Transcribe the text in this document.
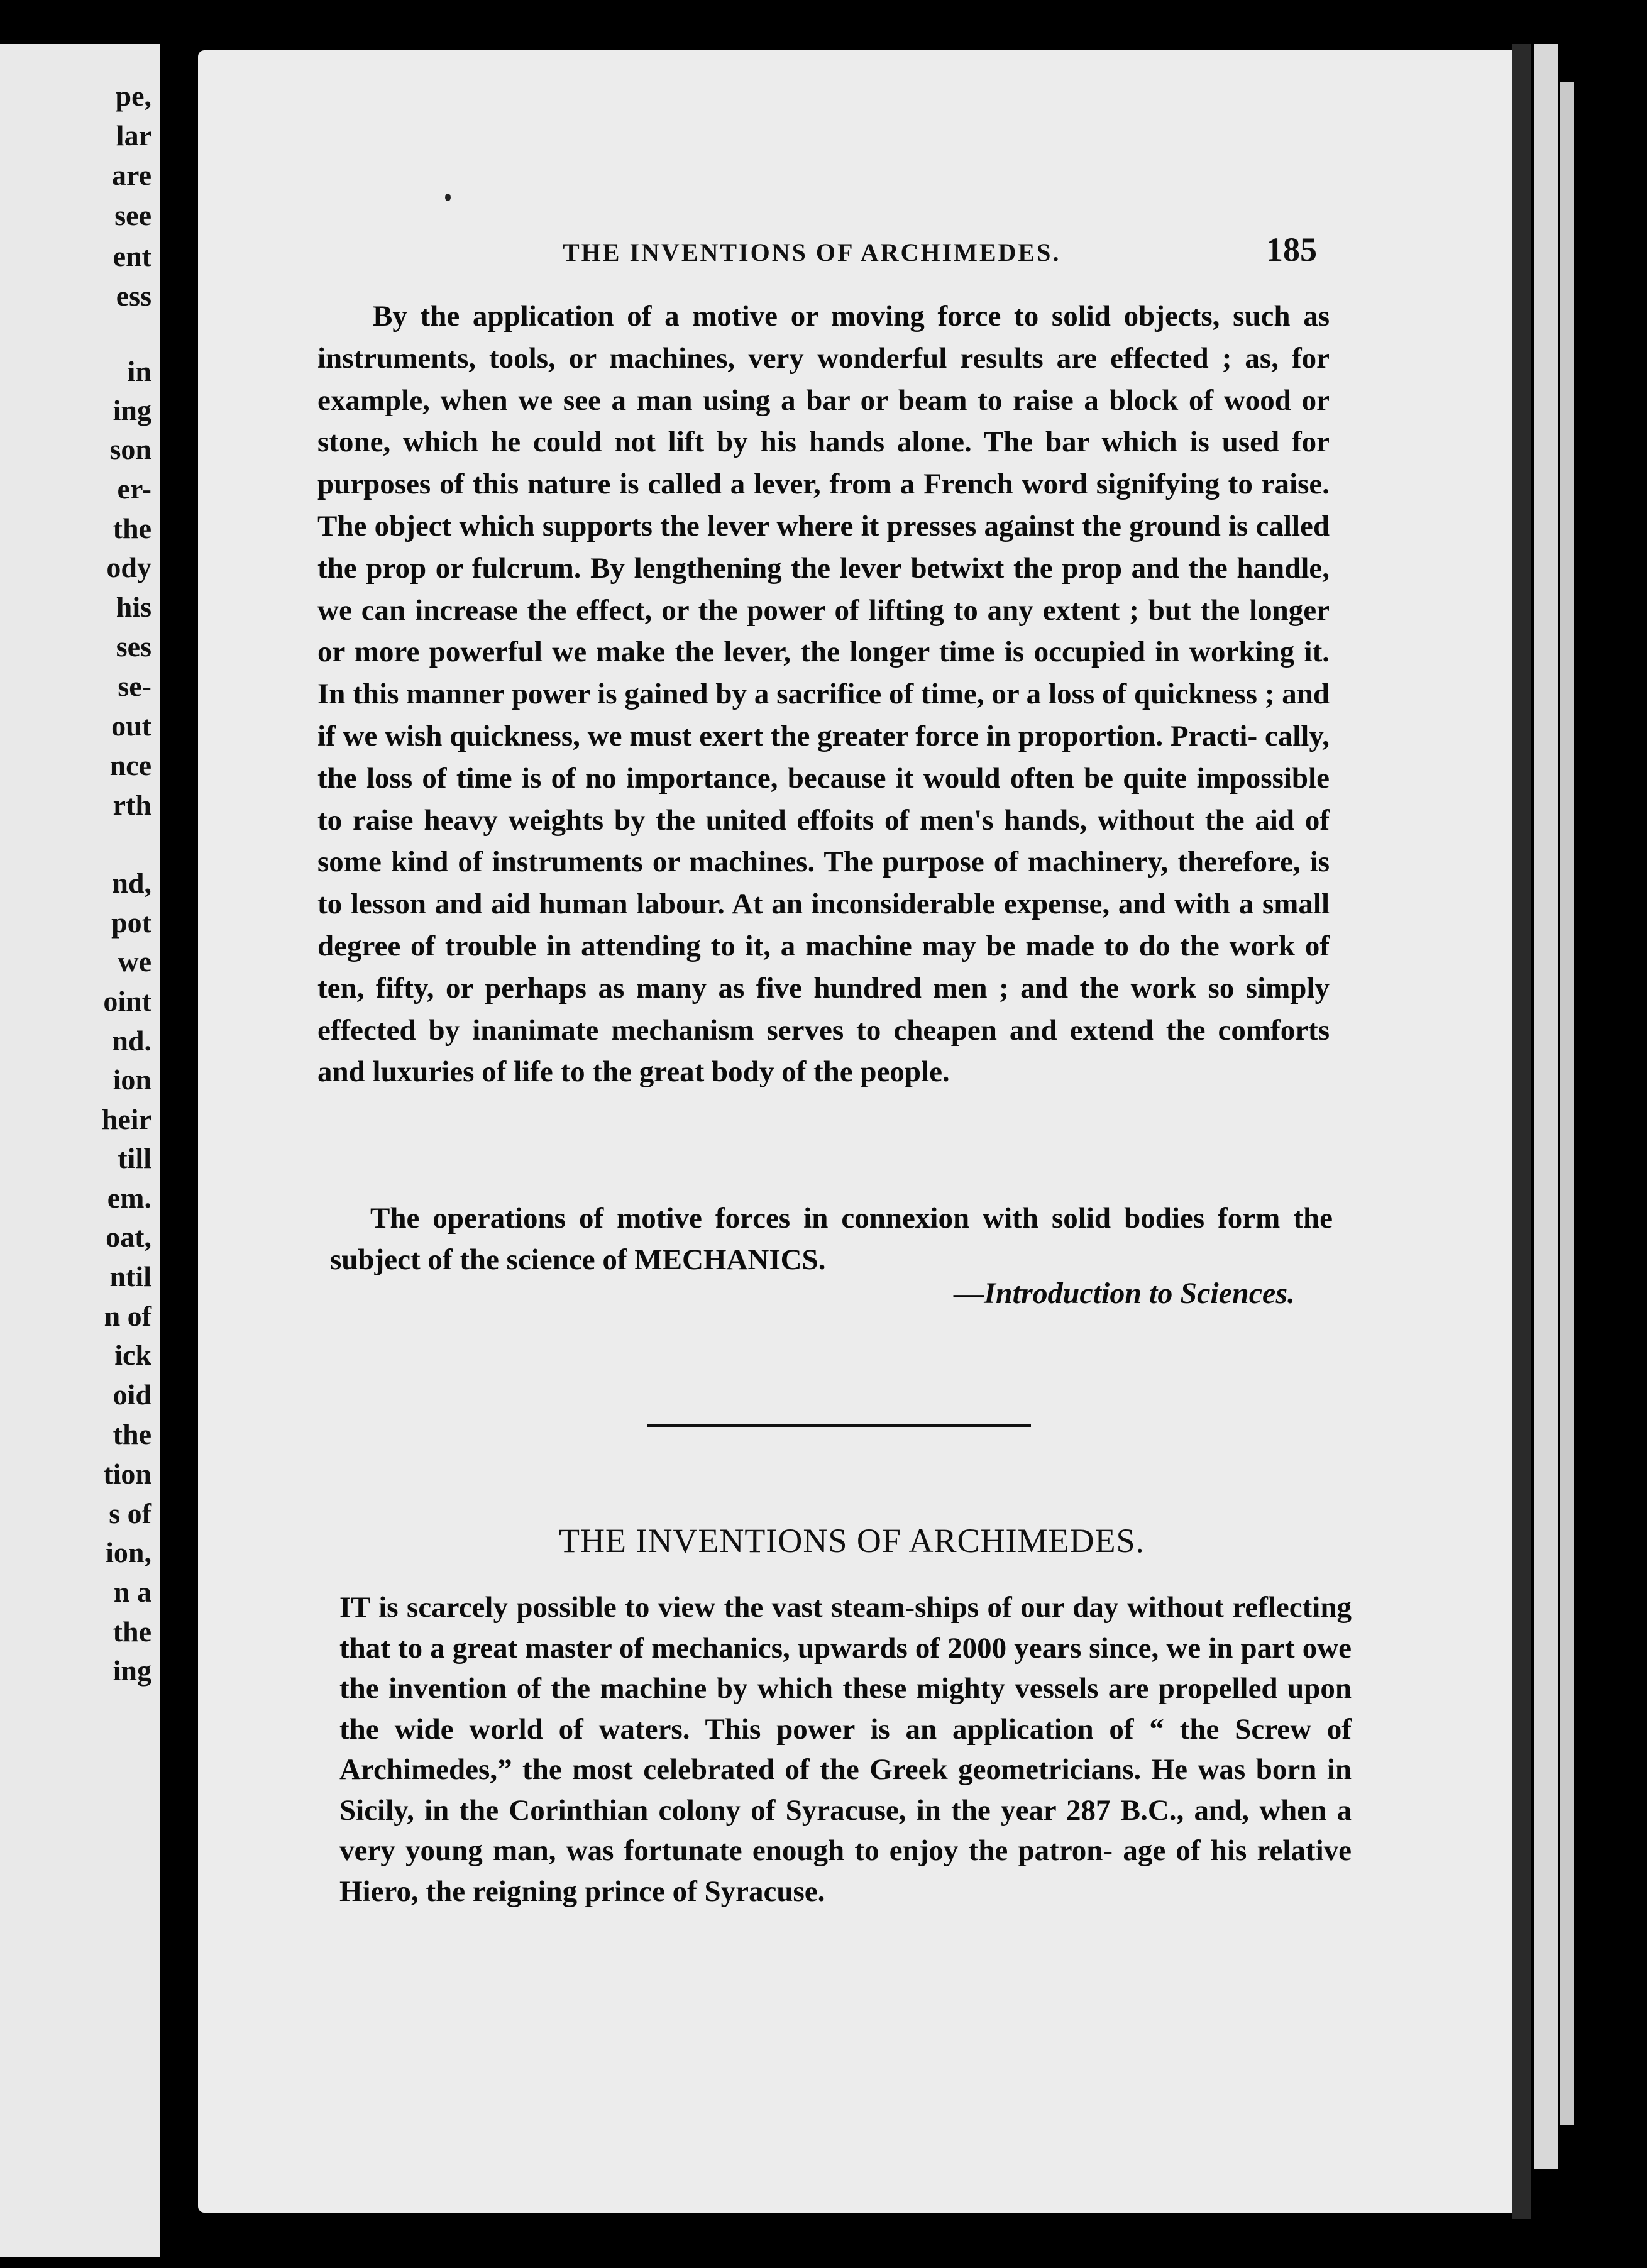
pe,
lar
are
see
ent
ess
in
ing
son
er-
the
ody
his
ses
se-
out
nce
rth
nd,
pot
we
oint
nd.
ion
heir
till
em.
oat,
ntil
n of
ick
oid
the
tion
s of
ion,
n a
the
ing
THE INVENTIONS OF ARCHIMEDES.	185

By the application of a motive or moving force to solid objects, such as instruments, tools, or machines, very wonderful results are effected ; as, for example, when we see a man using a bar or beam to raise a block of wood or stone, which he could not lift by his hands alone. The bar which is used for purposes of this nature is called a lever, from a French word signifying to raise. The object which supports the lever where it presses against the ground is called the prop or fulcrum. By lengthening the lever betwixt the prop and the handle, we can increase the effect, or the power of lifting to any extent ; but the longer or more powerful we make the lever, the longer time is occupied in working it. In this manner power is gained by a sacrifice of time, or a loss of quickness ; and if we wish quickness, we must exert the greater force in proportion. Practi- cally, the loss of time is of no importance, because it would often be quite impossible to raise heavy weights by the united effoits of men's hands, without the aid of some kind of instruments or machines. The purpose of machinery, therefore, is to lesson and aid human labour. At an inconsiderable expense, and with a small degree of trouble in attending to it, a machine may be made to do the work of ten, fifty, or perhaps as many as five hundred men ; and the work so simply effected by inanimate mechanism serves to cheapen and extend the comforts and luxuries of life to the great body of the people.

The operations of motive forces in connexion with solid bodies form the subject of the science of MECHANICS.

—Introduction to Sciences.
THE INVENTIONS OF ARCHIMEDES.

IT is scarcely possible to view the vast steam-ships of our day without reflecting that to a great master of mechanics, upwards of 2000 years since, we in part owe the invention of the machine by which these mighty vessels are propelled upon the wide world of waters. This power is an application of “ the Screw of Archimedes,” the most celebrated of the Greek geometricians. He was born in Sicily, in the Corinthian colony of Syracuse, in the year 287 B.C., and, when a very young man, was fortunate enough to enjoy the patron- age of his relative Hiero, the reigning prince of Syracuse.
